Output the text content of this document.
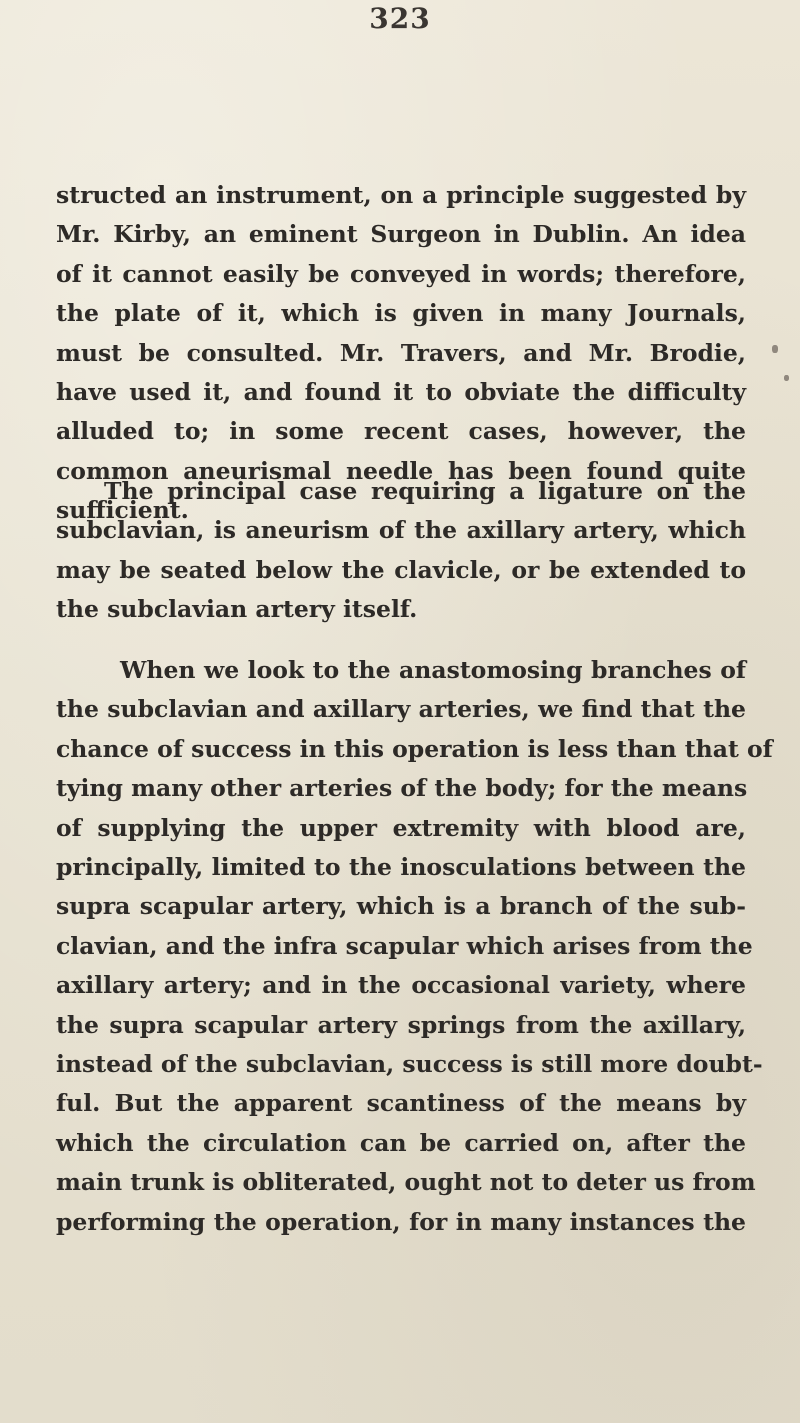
323
structed an instrument, on a principle suggested by
Mr. Kirby, an eminent Surgeon in Dublin. An idea
of it cannot easily be conveyed in words; therefore,
the plate of it, which is given in many Journals,
must be consulted. Mr. Travers, and Mr. Brodie,
have used it, and found it to obviate the difficulty
alluded to; in some recent cases, however, the
common aneurismal needle has been found quite
sufficient.
The principal case requiring a ligature on the
subclavian, is aneurism of the axillary artery, which
may be seated below the clavicle, or be extended to
the subclavian artery itself.
When we look to the anastomosing branches of
the subclavian and axillary arteries, we find that the
chance of success in this operation is less than that of
tying many other arteries of the body; for the means
of supplying the upper extremity with blood are,
principally, limited to the inosculations between the
supra scapular artery, which is a branch of the sub-
clavian, and the infra scapular which arises from the
axillary artery; and in the occasional variety, where
the supra scapular artery springs from the axillary,
instead of the subclavian, success is still more doubt-
ful. But the apparent scantiness of the means by
which the circulation can be carried on, after the
main trunk is obliterated, ought not to deter us from
performing the operation, for in many instances the
